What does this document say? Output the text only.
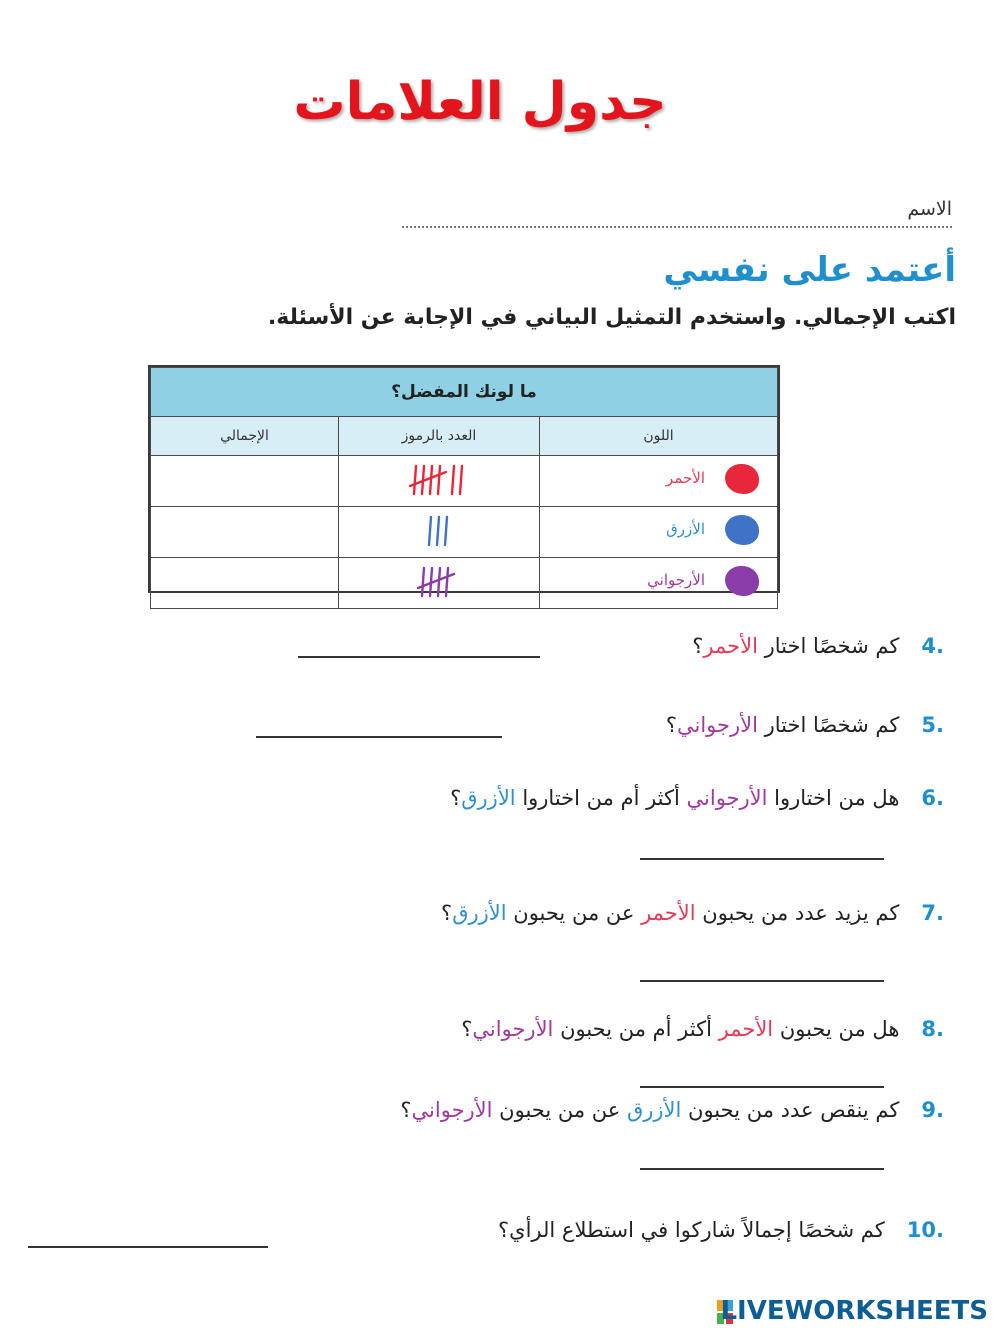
جدول العلامات
الاسم
أعتمد على نفسي
اكتب الإجمالي. واستخدم التمثيل البياني في الإجابة عن الأسئلة.
ما لونك المفضل؟		
اللون	العدد بالرموز	الإجمالي

الأحمر

الأزرق

الأرجواني

.4كم شخصًا اختار الأحمر؟
.5كم شخصًا اختار الأرجواني؟
.6هل من اختاروا الأرجواني أكثر أم من اختاروا الأزرق؟
.7كم يزيد عدد من يحبون الأحمر عن من يحبون الأزرق؟
.8هل من يحبون الأحمر أكثر أم من يحبون الأرجواني؟
.9كم ينقص عدد من يحبون الأزرق عن من يحبون الأرجواني؟
.10كم شخصًا إجمالاً شاركوا في استطلاع الرأي؟
LIVEWORKSHEETS
